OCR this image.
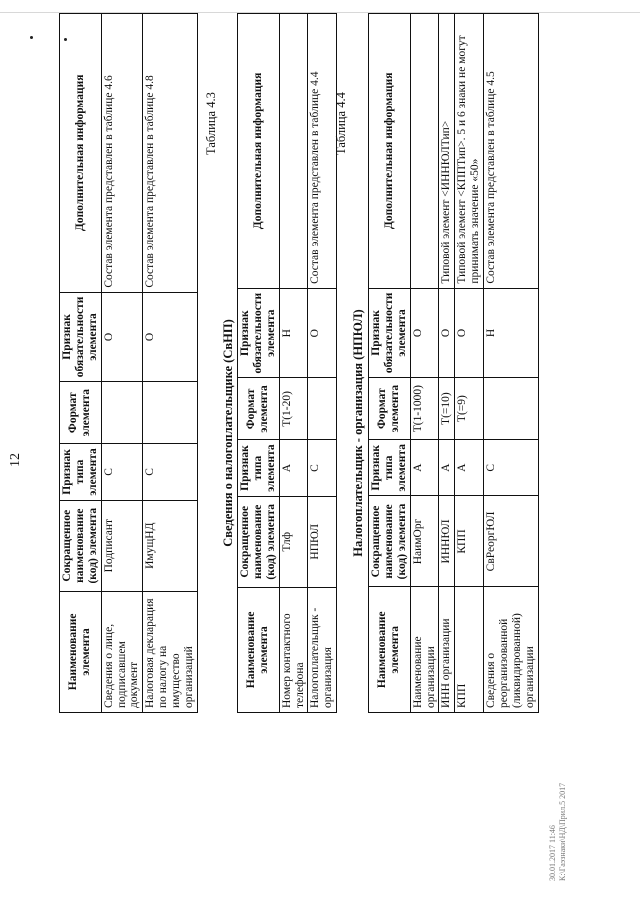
12
Наименование элемента	Сокращенное наименование (код) элемента	Признак типа элемента	Формат элемента	Признак обязательности элемента	Дополнительная информация
Сведения о лице, подписавшем документ	Подписант	С		О	Состав элемента представлен в таблице 4.6
Налоговая декларация по налогу на имущество организаций	ИмущНД	С		О	Состав элемента представлен в таблице 4.8	Таблица 4.3
Сведения о налогоплательщике (СвНП)
Наименование элемента	Сокращенное наименование (код) элемента	Признак типа элемента	Формат элемента	Признак обязательности элемента	Дополнительная информация
Номер контактного телефона	Тлф	А	T(1-20)	Н	
Налогоплательщик - организация	НПЮЛ	С		О	Состав элемента представлен в таблице 4.4 Таблица 4.4
Налогоплательщик - организация (НПЮЛ)
Наименование элемента	Сокращенное наименование (код) элемента	Признак типа элемента	Формат элемента	Признак обязательности элемента	Дополнительная информация
Наименование организации	НаимОрг	А	T(1-1000)	О	
ИНН организации	ИННЮЛ	А	T(=10)	О	Типовой элемент <ИННЮЛТип>
КПП	КПП	А	T(=9)	О	Типовой элемент <КППТип>. 5 и 6 знаки не могут принимать значение «50»
Сведения о реорганизованной (ликвидированной) организации	СвРеоргЮЛ	С		Н	Состав элемента представлен в таблице 4.5
30.01.2017 11:46 К:\Гаэзнаки\НД\Прил.5 2017
